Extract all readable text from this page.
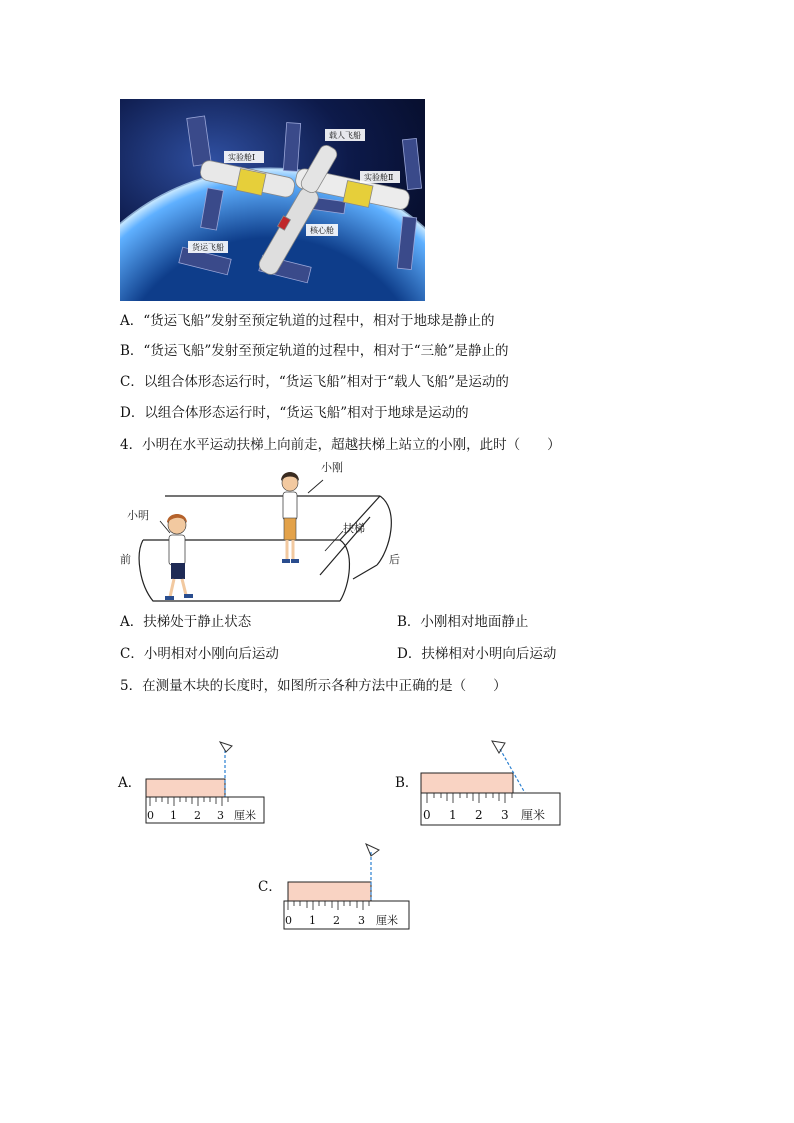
载人飞船
实验舱Ⅰ
实验舱Ⅱ
货运飞船
核心舱
A．“货运飞船”发射至预定轨道的过程中，相对于地球是静止的
B．“货运飞船”发射至预定轨道的过程中，相对于“三舱”是静止的
C．以组合体形态运行时，“货运飞船”相对于“载人飞船”是运动的
D．以组合体形态运行时，“货运飞船”相对于地球是运动的
4．小明在水平运动扶梯上向前走，超越扶梯上站立的小刚，此时（　　）
小刚
小明
扶梯
前	后
A．扶梯处于静止状态	B．小刚相对地面静止
C．小明相对小刚向后运动	D．扶梯相对小明向后运动
5．在测量木块的长度时，如图所示各种方法中正确的是（　　）
A．
0 1 2 3 厘米
B．
0 1 2 3 厘米
C．
0 1 2 3 厘米
